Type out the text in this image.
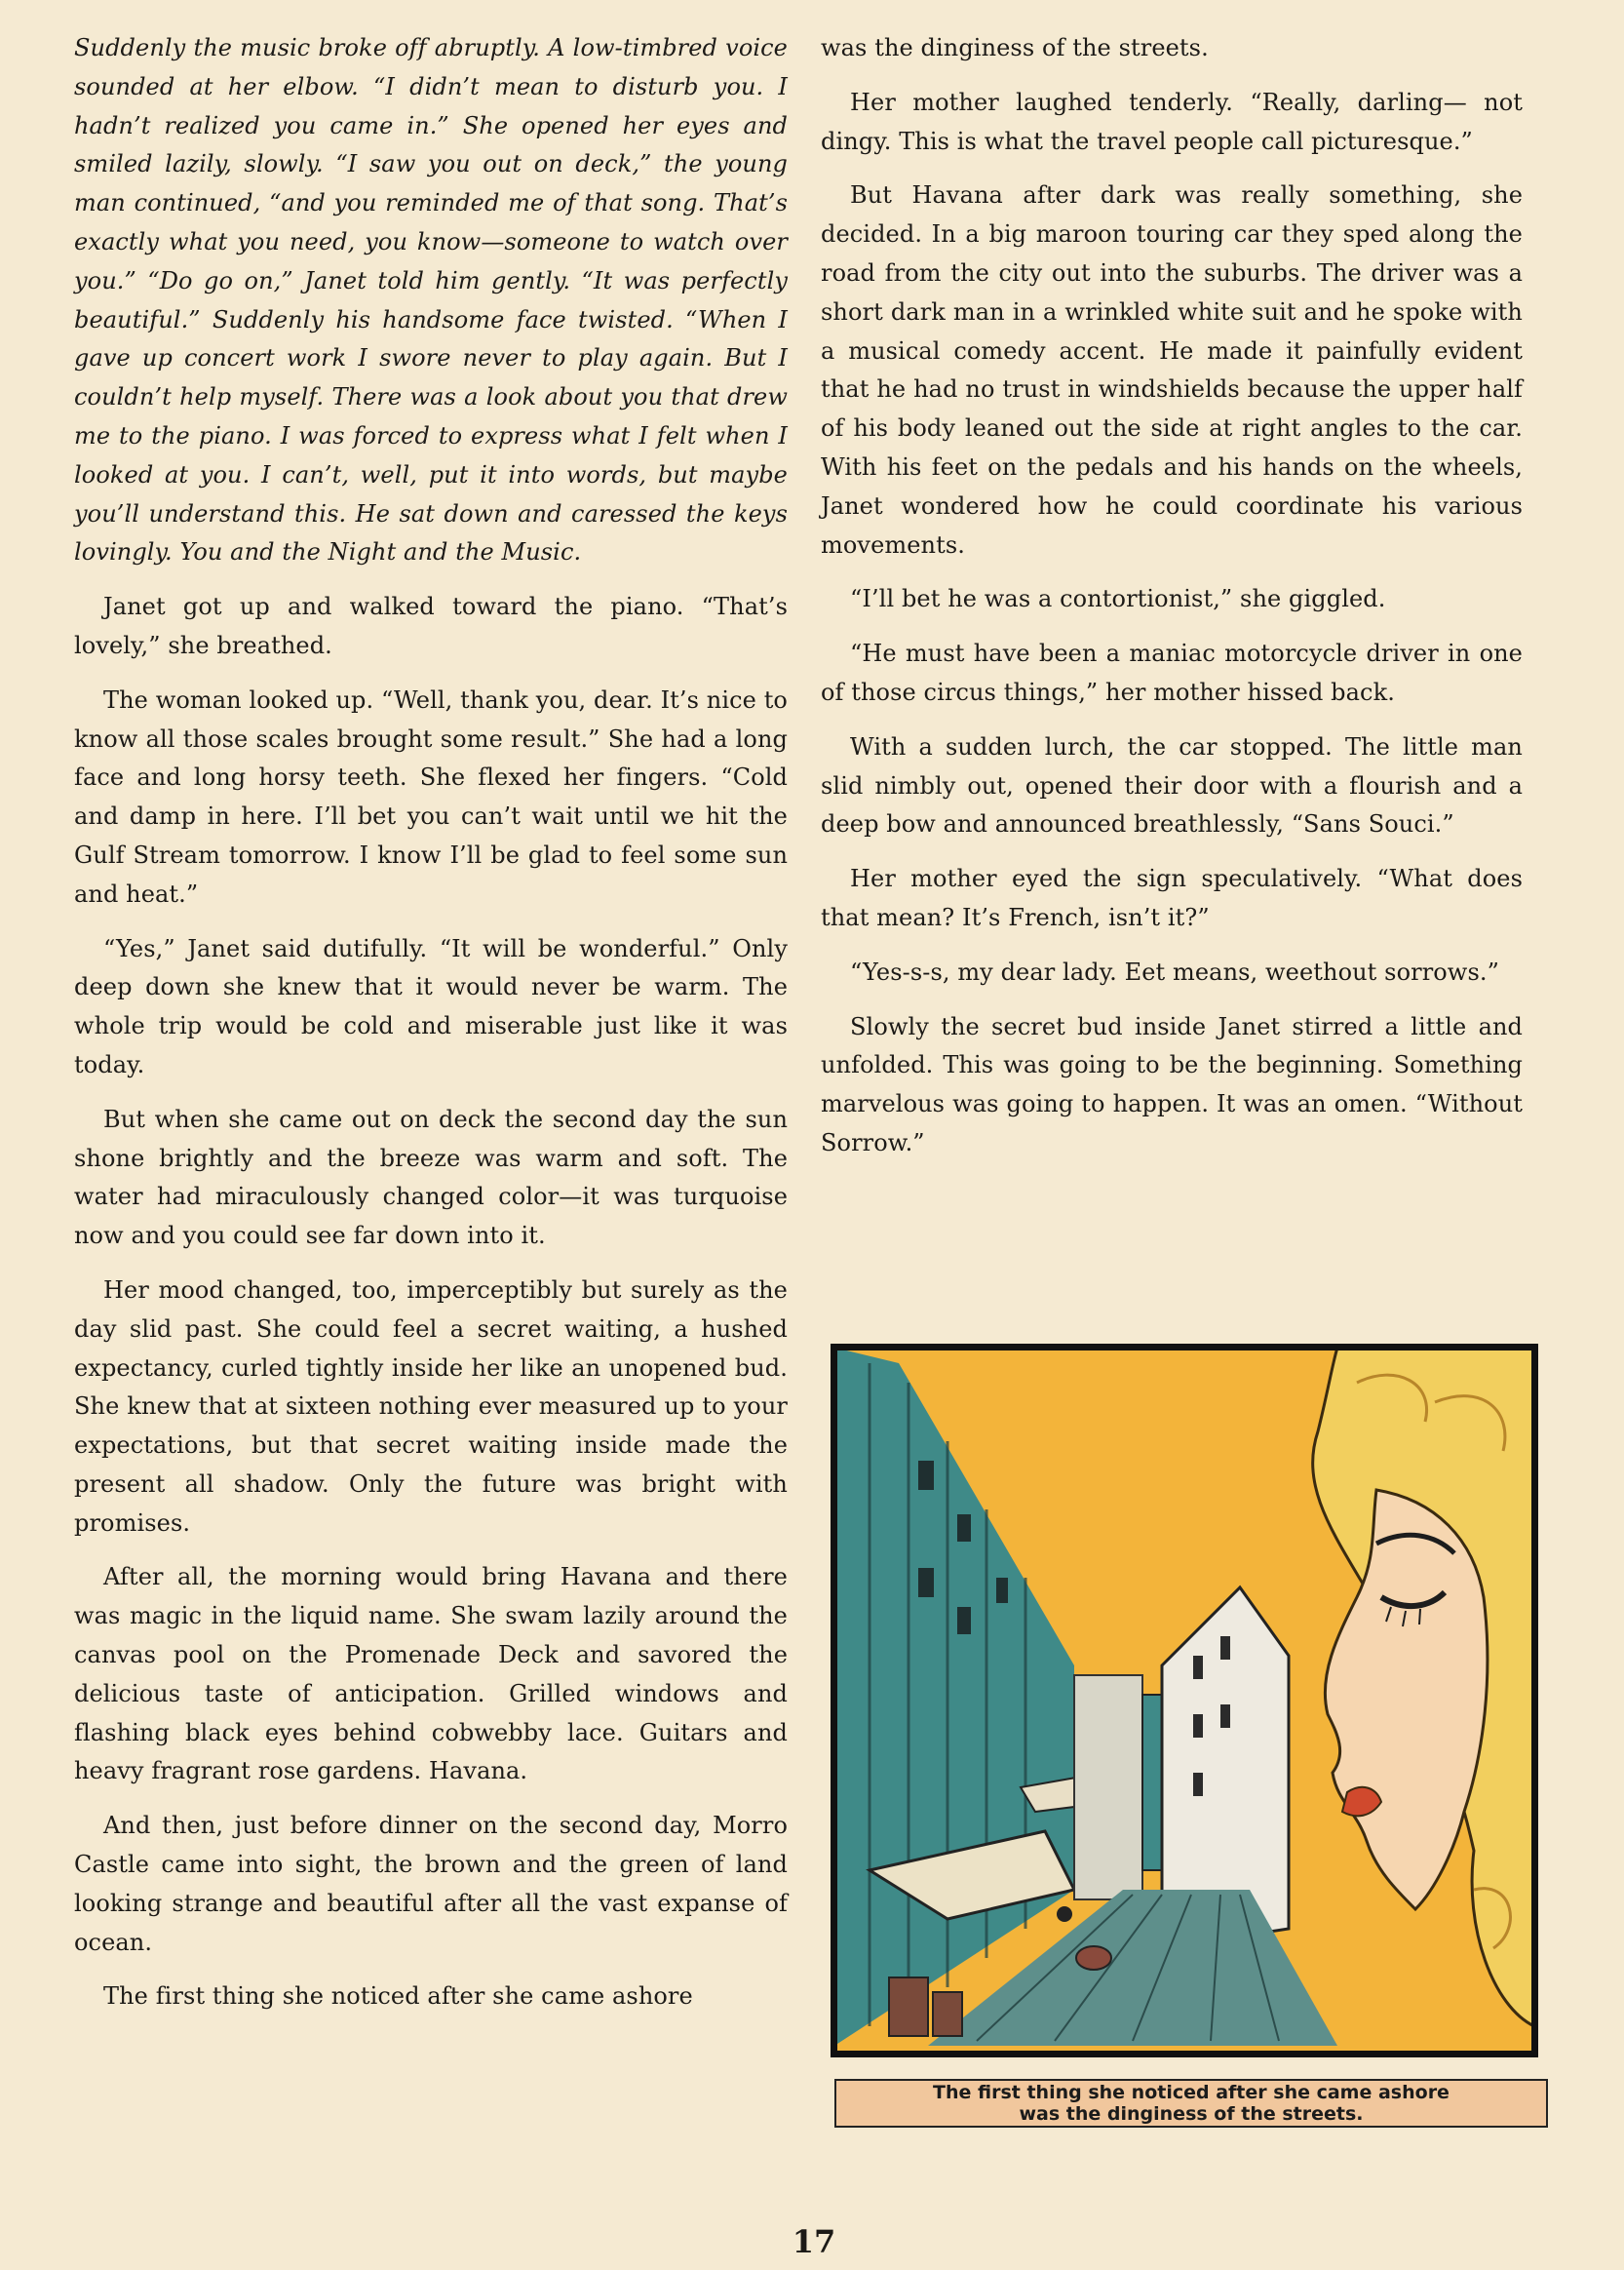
Suddenly the music broke off abruptly. A low-timbred voice sounded at her elbow. “I didn’t mean to disturb you. I hadn’t realized you came in.” She opened her eyes and smiled lazily, slowly. “I saw you out on deck,” the young man continued, “and you reminded me of that song. That’s exactly what you need, you know—someone to watch over you.” “Do go on,” Janet told him gently. “It was perfectly beautiful.” Suddenly his handsome face twisted. “When I gave up concert work I swore never to play again. But I couldn’t help myself. There was a look about you that drew me to the piano. I was forced to express what I felt when I looked at you. I can’t, well, put it into words, but maybe you’ll understand this. He sat down and caressed the keys lovingly. You and the Night and the Music.

Janet got up and walked toward the piano. “That’s lovely,” she breathed.

The woman looked up. “Well, thank you, dear. It’s nice to know all those scales brought some result.” She had a long face and long horsy teeth. She flexed her fingers. “Cold and damp in here. I’ll bet you can’t wait until we hit the Gulf Stream tomorrow. I know I’ll be glad to feel some sun and heat.”

“Yes,” Janet said dutifully. “It will be wonderful.” Only deep down she knew that it would never be warm. The whole trip would be cold and miserable just like it was today.

But when she came out on deck the second day the sun shone brightly and the breeze was warm and soft. The water had miraculously changed color—it was turquoise now and you could see far down into it.

Her mood changed, too, imperceptibly but surely as the day slid past. She could feel a secret waiting, a hushed expectancy, curled tightly inside her like an unopened bud. She knew that at sixteen nothing ever measured up to your expectations, but that secret waiting inside made the present all shadow. Only the future was bright with promises.

After all, the morning would bring Havana and there was magic in the liquid name. She swam lazily around the canvas pool on the Promenade Deck and savored the delicious taste of anticipation. Grilled windows and flashing black eyes behind cobwebby lace. Guitars and heavy fragrant rose gardens. Havana.

And then, just before dinner on the second day, Morro Castle came into sight, the brown and the green of land looking strange and beautiful after all the vast expanse of ocean.

The first thing she noticed after she came ashore

was the dinginess of the streets.

Her mother laughed tenderly. “Really, darling— not dingy. This is what the travel people call picturesque.”

But Havana after dark was really something, she decided. In a big maroon touring car they sped along the road from the city out into the suburbs. The driver was a short dark man in a wrinkled white suit and he spoke with a musical comedy accent. He made it painfully evident that he had no trust in windshields because the upper half of his body leaned out the side at right angles to the car. With his feet on the pedals and his hands on the wheels, Janet wondered how he could coordinate his various movements.

“I’ll bet he was a contortionist,” she giggled.

“He must have been a maniac motorcycle driver in one of those circus things,” her mother hissed back.

With a sudden lurch, the car stopped. The little man slid nimbly out, opened their door with a flourish and a deep bow and announced breathlessly, “Sans Souci.”

Her mother eyed the sign speculatively. “What does that mean? It’s French, isn’t it?”

“Yes-s-s, my dear lady. Eet means, weethout sorrows.”

Slowly the secret bud inside Janet stirred a little and unfolded. This was going to be the beginning. Something marvelous was going to happen. It was an omen. “Without Sorrow.”

The first thing she noticed after she came ashore was the dinginess of the streets.
17
